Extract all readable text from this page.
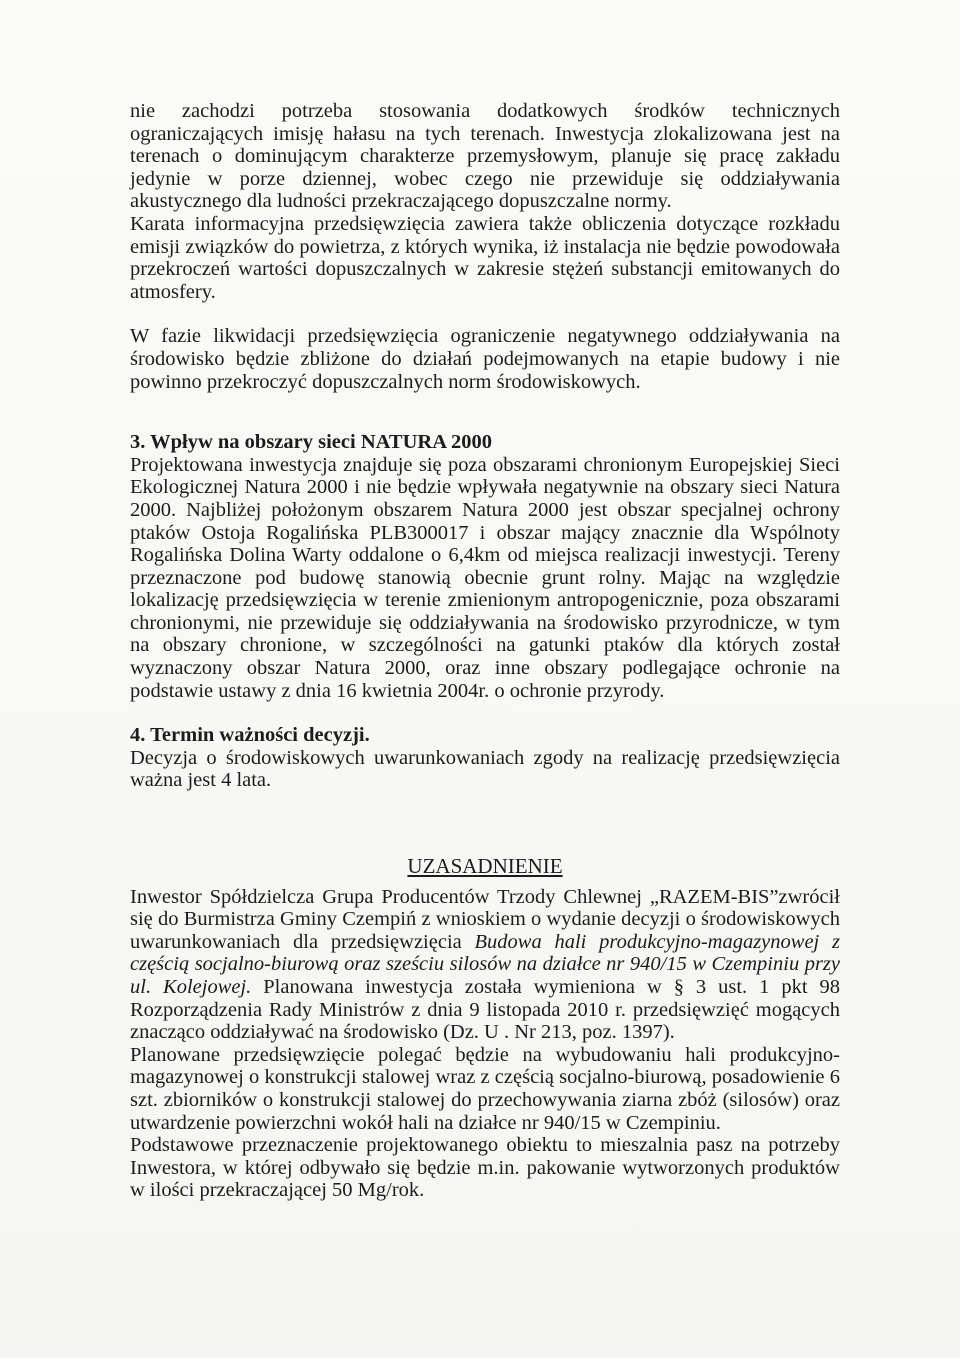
nie zachodzi potrzeba stosowania dodatkowych środków technicznych ograniczających imisję hałasu na tych terenach. Inwestycja zlokalizowana jest na terenach o dominującym charakterze przemysłowym, planuje się pracę zakładu jedynie w porze dziennej, wobec czego nie przewiduje się oddziaływania akustycznego dla ludności przekraczającego dopuszczalne normy.

Karata informacyjna przedsięwzięcia zawiera także obliczenia dotyczące rozkładu emisji związków do powietrza, z których wynika, iż instalacja nie będzie powodowała przekroczeń wartości dopuszczalnych w zakresie stężeń substancji emitowanych do atmosfery.

W fazie likwidacji przedsięwzięcia ograniczenie negatywnego oddziaływania na środowisko będzie zbliżone do działań podejmowanych na etapie budowy i nie powinno przekroczyć dopuszczalnych norm środowiskowych.

3. Wpływ na obszary sieci NATURA 2000

Projektowana inwestycja znajduje się poza obszarami chronionym Europejskiej Sieci Ekologicznej Natura 2000 i nie będzie wpływała negatywnie na obszary sieci Natura 2000. Najbliżej położonym obszarem Natura 2000 jest obszar specjalnej ochrony ptaków Ostoja Rogalińska PLB300017 i obszar mający znacznie dla Wspólnoty Rogalińska Dolina Warty oddalone o 6,4km od miejsca realizacji inwestycji. Tereny przeznaczone pod budowę stanowią obecnie grunt rolny. Mając na względzie lokalizację przedsięwzięcia w terenie zmienionym antropogenicznie, poza obszarami chronionymi, nie przewiduje się oddziaływania na środowisko przyrodnicze, w tym na obszary chronione, w szczególności na gatunki ptaków dla których został wyznaczony obszar Natura 2000, oraz inne obszary podlegające ochronie na podstawie ustawy z dnia 16 kwietnia 2004r. o ochronie przyrody.

4. Termin ważności decyzji.

Decyzja o środowiskowych uwarunkowaniach zgody na realizację przedsięwzięcia ważna jest 4 lata.

UZASADNIENIE

Inwestor Spółdzielcza Grupa Producentów Trzody Chlewnej „RAZEM-BIS”zwrócił się do Burmistrza Gminy Czempiń z wnioskiem o wydanie decyzji o środowiskowych uwarunkowaniach dla przedsięwzięcia Budowa hali produkcyjno-magazynowej z częścią socjalno-biurową oraz sześciu silosów na działce nr 940/15 w Czempiniu przy ul. Kolejowej. Planowana inwestycja została wymieniona w § 3 ust. 1 pkt 98 Rozporządzenia Rady Ministrów z dnia 9 listopada 2010 r. przedsięwzięć mogących znacząco oddziaływać na środowisko (Dz. U . Nr 213, poz. 1397).

Planowane przedsięwzięcie polegać będzie na wybudowaniu hali produkcyjno-magazynowej o konstrukcji stalowej wraz z częścią socjalno-biurową, posadowienie 6 szt. zbiorników o konstrukcji stalowej do przechowywania ziarna zbóż (silosów) oraz utwardzenie powierzchni wokół hali na działce nr 940/15 w Czempiniu.

Podstawowe przeznaczenie projektowanego obiektu to mieszalnia pasz na potrzeby Inwestora, w której odbywało się będzie m.in. pakowanie wytworzonych produktów w ilości przekraczającej 50 Mg/rok.
